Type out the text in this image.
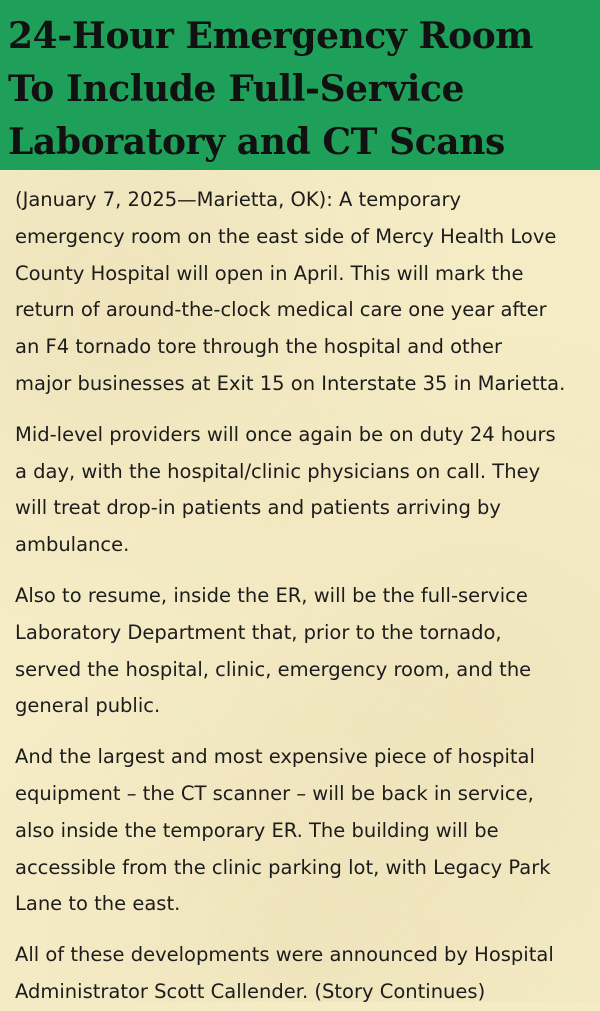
24-Hour Emergency Room
To Include Full-Service
Laboratory and CT Scans

(January 7, 2025—Marietta, OK): A temporary
emergency room on the east side of Mercy Health Love
County Hospital will open in April. This will mark the
return of around-the-clock medical care one year after
an F4 tornado tore through the hospital and other
major businesses at Exit 15 on Interstate 35 in Marietta.

Mid-level providers will once again be on duty 24 hours
a day, with the hospital/clinic physicians on call. They
will treat drop-in patients and patients arriving by
ambulance.

Also to resume, inside the ER, will be the full-service
Laboratory Department that, prior to the tornado,
served the hospital, clinic, emergency room, and the
general public.

And the largest and most expensive piece of hospital
equipment – the CT scanner – will be back in service,
also inside the temporary ER. The building will be
accessible from the clinic parking lot, with Legacy Park
Lane to the east.

All of these developments were announced by Hospital
Administrator Scott Callender. (Story Continues)
